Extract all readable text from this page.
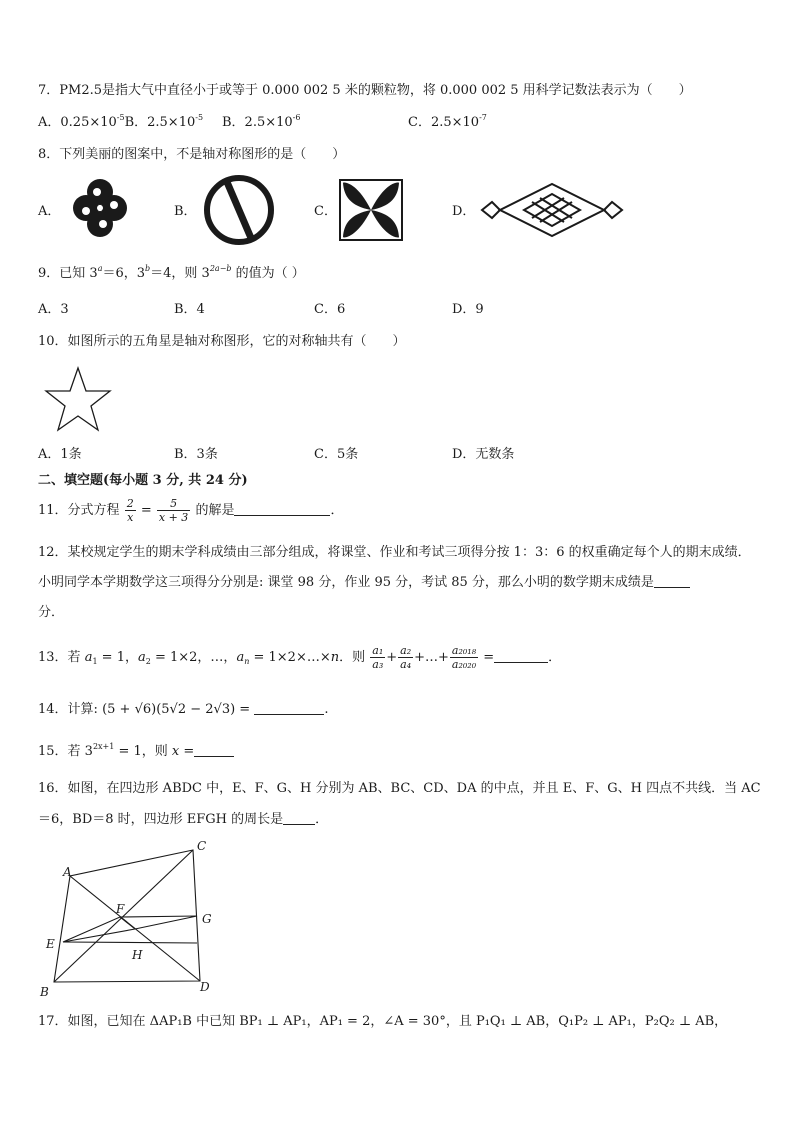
7．PM2.5是指大气中直径小于或等于 0.000 002 5 米的颗粒物，将 0.000 002 5 用科学记数法表示为（　　）
A．$0.25\times 10^{-5}B$．$2.5\times 10^{-5}$ B．$2.5\times 10^{-6}$	C．$2.5\times 10^{-7}$
8．下列美丽的图案中，不是轴对称图形的是（　　）
A．	B．	C．	D．
9．已知 $3^a=6$，$3^b=4$，则 $3^{2a-b}$ 的值为（ ）
A．3	B．4	C．6	D．9
10．如图所示的五角星是轴对称图形，它的对称轴共有（　　）
A．1条	B．3条	C．5条	D．无数条
二、填空题(每小题 3 分, 共 24 分)
11．分式方程 $\frac{2}{x} = \frac{5}{x + 3}$ 的解是	．
12．某校规定学生的期末学科成绩由三部分组成，将课堂、作业和考试三项得分按 1：3：6 的权重确定每个人的期末成绩．小明同学本学期数学这三项得分分别是: 课堂 98 分，作业 95 分，考试 85 分，那么小明的数学期末成绩是
分．
13．若 $a_1 = 1$，$a_2 = 1\times 2$，…，$a_n$ = 1×2×…×n．则 $\frac{\text{a₁}}{\text{a₃}} + \frac{\text{a₂}}{\text{a₄}}$ +…+ $\frac{\text{a₂₀₁₈}}{\text{a₂₀₂₀}}$ =	．
14．计算: (5 + √6)(5√2 − 2√3) =	.
15．若 $3^{2x+1} = 1$，则 x =
16．如图，在四边形 ABDC 中，E、F、G、H 分别为 AB、BC、CD、DA 的中点，并且 E、F、G、H 四点不共线．当 AC
＝6，BD＝8 时，四边形 EFGH 的周长是 ．
A
B
C
D
E
F
G
H
17．如图，已知在 ΔAP₁B 中已知 BP₁ ⊥ AP₁，AP₁ = 2，∠A = 30°，且 P₁Q₁ ⊥ AB，Q₁P₂ ⊥ AP₁，P₂Q₂ ⊥ AB，
